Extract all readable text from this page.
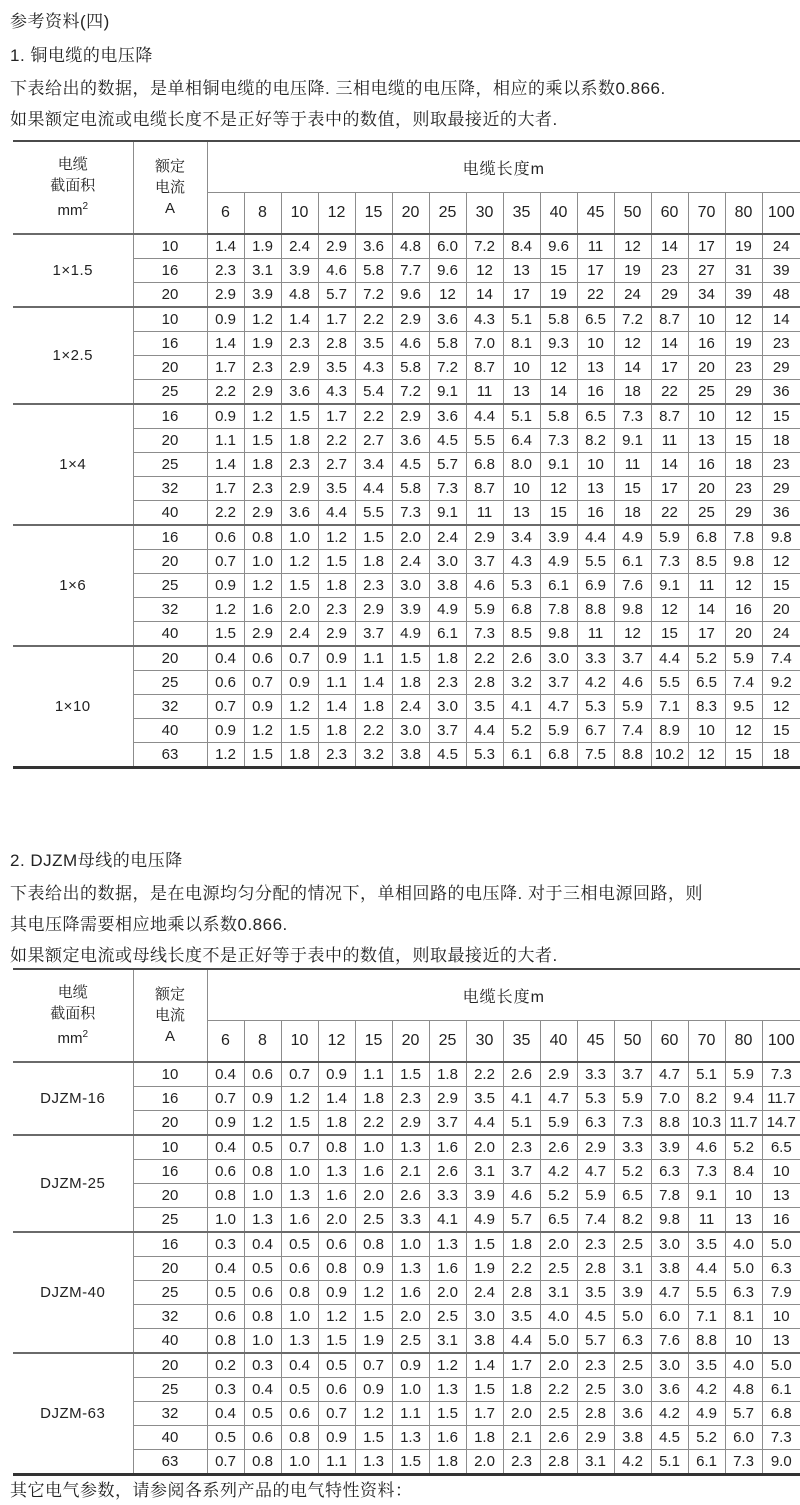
参考资料(四)
1. 铜电缆的电压降
下表给出的数据，是单相铜电缆的电压降. 三相电缆的电压降，相应的乘以系数0.866.
如果额定电流或电缆长度不是正好等于表中的数值，则取最接近的大者.
电缆
截面积
$mm^2$	额定
电流
A	电缆长度m															
		6	8	10	12	15	20	25	30	35	40	45	50	60	70	80	100
1×1.5	10	1.4	1.9	2.4	2.9	3.6	4.8	6.0	7.2	8.4	9.6	11	12	14	17	19	24
	16	2.3	3.1	3.9	4.6	5.8	7.7	9.6	12	13	15	17	19	23	27	31	39
	20	2.9	3.9	4.8	5.7	7.2	9.6	12	14	17	19	22	24	29	34	39	48
1×2.5	10	0.9	1.2	1.4	1.7	2.2	2.9	3.6	4.3	5.1	5.8	6.5	7.2	8.7	10	12	14
	16	1.4	1.9	2.3	2.8	3.5	4.6	5.8	7.0	8.1	9.3	10	12	14	16	19	23
	20	1.7	2.3	2.9	3.5	4.3	5.8	7.2	8.7	10	12	13	14	17	20	23	29
	25	2.2	2.9	3.6	4.3	5.4	7.2	9.1	11	13	14	16	18	22	25	29	36
1×4	16	0.9	1.2	1.5	1.7	2.2	2.9	3.6	4.4	5.1	5.8	6.5	7.3	8.7	10	12	15
	20	1.1	1.5	1.8	2.2	2.7	3.6	4.5	5.5	6.4	7.3	8.2	9.1	11	13	15	18
	25	1.4	1.8	2.3	2.7	3.4	4.5	5.7	6.8	8.0	9.1	10	11	14	16	18	23
	32	1.7	2.3	2.9	3.5	4.4	5.8	7.3	8.7	10	12	13	15	17	20	23	29
	40	2.2	2.9	3.6	4.4	5.5	7.3	9.1	11	13	15	16	18	22	25	29	36
1×6	16	0.6	0.8	1.0	1.2	1.5	2.0	2.4	2.9	3.4	3.9	4.4	4.9	5.9	6.8	7.8	9.8
	20	0.7	1.0	1.2	1.5	1.8	2.4	3.0	3.7	4.3	4.9	5.5	6.1	7.3	8.5	9.8	12
	25	0.9	1.2	1.5	1.8	2.3	3.0	3.8	4.6	5.3	6.1	6.9	7.6	9.1	11	12	15
	32	1.2	1.6	2.0	2.3	2.9	3.9	4.9	5.9	6.8	7.8	8.8	9.8	12	14	16	20
	40	1.5	2.9	2.4	2.9	3.7	4.9	6.1	7.3	8.5	9.8	11	12	15	17	20	24
1×10	20	0.4	0.6	0.7	0.9	1.1	1.5	1.8	2.2	2.6	3.0	3.3	3.7	4.4	5.2	5.9	7.4
	25	0.6	0.7	0.9	1.1	1.4	1.8	2.3	2.8	3.2	3.7	4.2	4.6	5.5	6.5	7.4	9.2
	32	0.7	0.9	1.2	1.4	1.8	2.4	3.0	3.5	4.1	4.7	5.3	5.9	7.1	8.3	9.5	12
	40	0.9	1.2	1.5	1.8	2.2	3.0	3.7	4.4	5.2	5.9	6.7	7.4	8.9	10	12	15
	63	1.2	1.5	1.8	2.3	3.2	3.8	4.5	5.3	6.1	6.8	7.5	8.8	10.2	12	15	18
2. DJZM母线的电压降
下表给出的数据，是在电源均匀分配的情况下，单相回路的电压降. 对于三相电源回路，则
其电压降需要相应地乘以系数0.866.
如果额定电流或母线长度不是正好等于表中的数值，则取最接近的大者.
电缆
截面积
$mm^2$	额定
电流
A	电缆长度m															
		6	8	10	12	15	20	25	30	35	40	45	50	60	70	80	100
DJZM-16	10	0.4	0.6	0.7	0.9	1.1	1.5	1.8	2.2	2.6	2.9	3.3	3.7	4.7	5.1	5.9	7.3
	16	0.7	0.9	1.2	1.4	1.8	2.3	2.9	3.5	4.1	4.7	5.3	5.9	7.0	8.2	9.4	11.7
	20	0.9	1.2	1.5	1.8	2.2	2.9	3.7	4.4	5.1	5.9	6.3	7.3	8.8	10.3	11.7	14.7
DJZM-25	10	0.4	0.5	0.7	0.8	1.0	1.3	1.6	2.0	2.3	2.6	2.9	3.3	3.9	4.6	5.2	6.5
	16	0.6	0.8	1.0	1.3	1.6	2.1	2.6	3.1	3.7	4.2	4.7	5.2	6.3	7.3	8.4	10
	20	0.8	1.0	1.3	1.6	2.0	2.6	3.3	3.9	4.6	5.2	5.9	6.5	7.8	9.1	10	13
	25	1.0	1.3	1.6	2.0	2.5	3.3	4.1	4.9	5.7	6.5	7.4	8.2	9.8	11	13	16
DJZM-40	16	0.3	0.4	0.5	0.6	0.8	1.0	1.3	1.5	1.8	2.0	2.3	2.5	3.0	3.5	4.0	5.0
	20	0.4	0.5	0.6	0.8	0.9	1.3	1.6	1.9	2.2	2.5	2.8	3.1	3.8	4.4	5.0	6.3
	25	0.5	0.6	0.8	0.9	1.2	1.6	2.0	2.4	2.8	3.1	3.5	3.9	4.7	5.5	6.3	7.9
	32	0.6	0.8	1.0	1.2	1.5	2.0	2.5	3.0	3.5	4.0	4.5	5.0	6.0	7.1	8.1	10
	40	0.8	1.0	1.3	1.5	1.9	2.5	3.1	3.8	4.4	5.0	5.7	6.3	7.6	8.8	10	13
DJZM-63	20	0.2	0.3	0.4	0.5	0.7	0.9	1.2	1.4	1.7	2.0	2.3	2.5	3.0	3.5	4.0	5.0
	25	0.3	0.4	0.5	0.6	0.9	1.0	1.3	1.5	1.8	2.2	2.5	3.0	3.6	4.2	4.8	6.1
	32	0.4	0.5	0.6	0.7	1.2	1.1	1.5	1.7	2.0	2.5	2.8	3.6	4.2	4.9	5.7	6.8
	40	0.5	0.6	0.8	0.9	1.5	1.3	1.6	1.8	2.1	2.6	2.9	3.8	4.5	5.2	6.0	7.3
	63	0.7	0.8	1.0	1.1	1.3	1.5	1.8	2.0	2.3	2.8	3.1	4.2	5.1	6.1	7.3	9.0
其它电气参数，请参阅各系列产品的电气特性资料：
